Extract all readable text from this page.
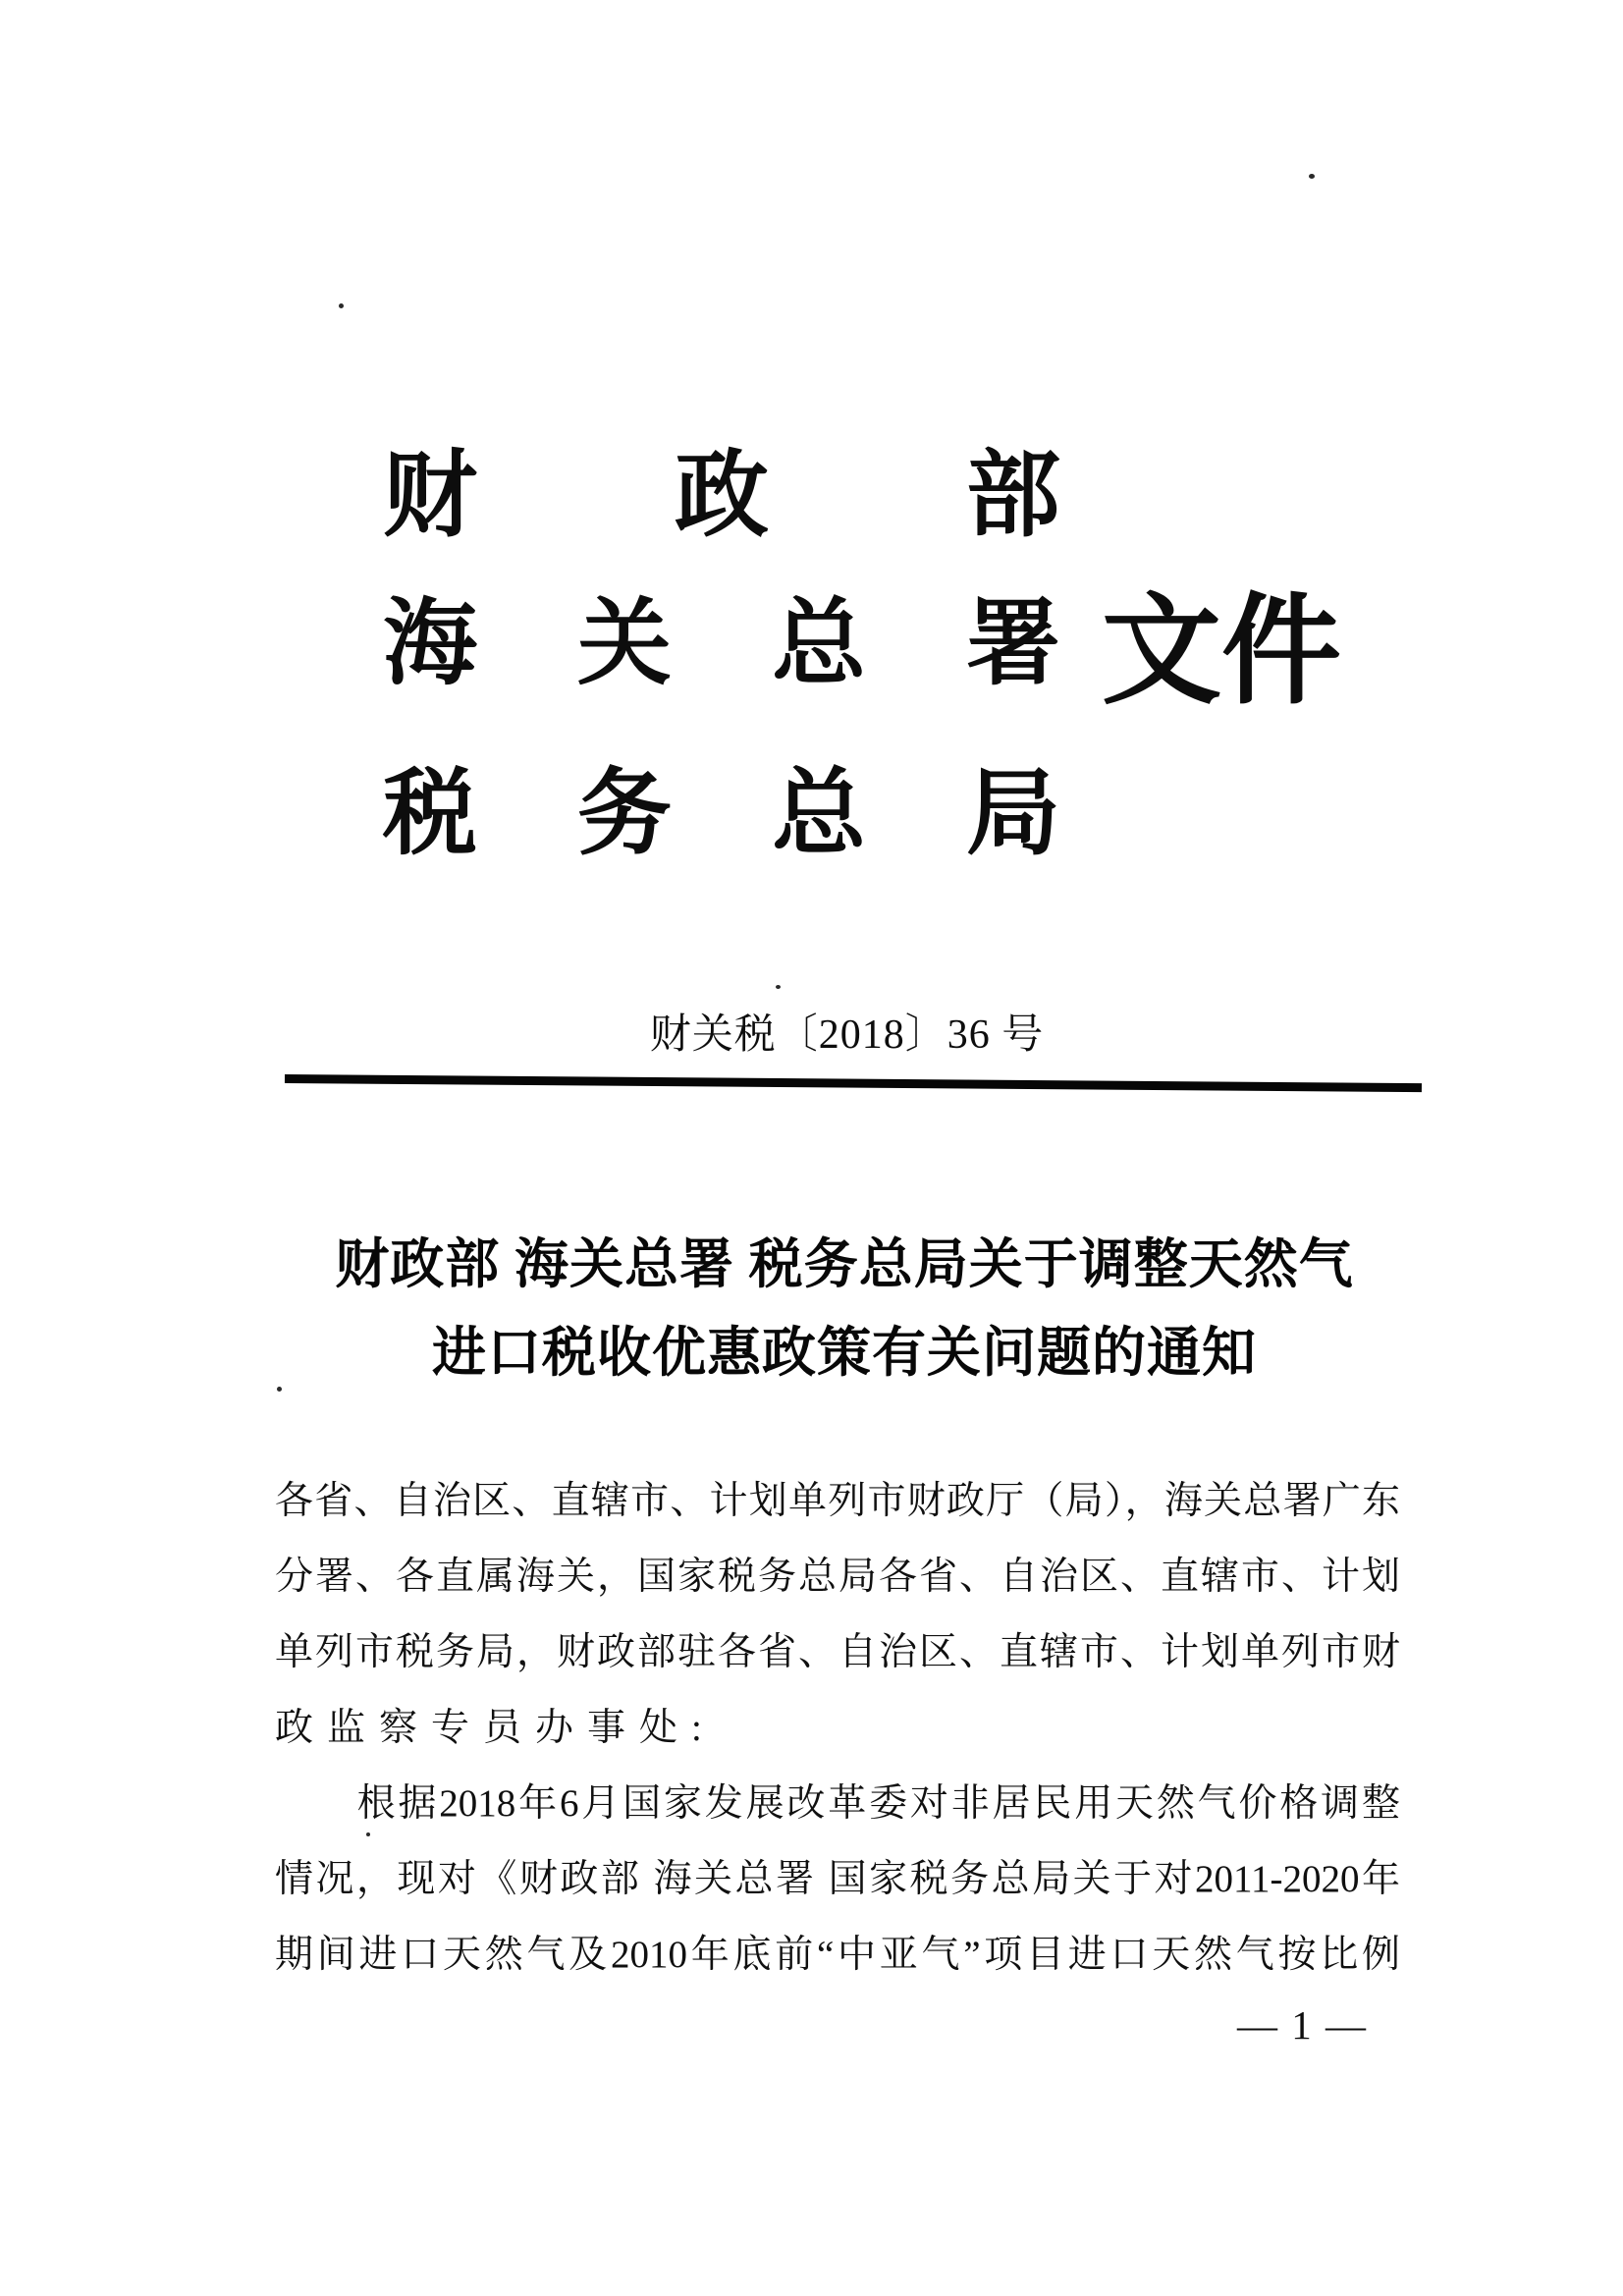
财 政 部
海 关 总 署 文件
税 务 总 局
财关税〔2018〕36 号
财政部 海关总署 税务总局关于调整天然气
进口税收优惠政策有关问题的通知
各省、自治区、直辖市、计划单列市财政厅（局），海关总署广东
分署、各直属海关，国家税务总局各省、自治区、直辖市、计划
单列市税务局，财政部驻各省、自治区、直辖市、计划单列市财
政监察专员办事处:
　　根据2018年6月国家发展改革委对非居民用天然气价格调整
情况，现对《财政部 海关总署 国家税务总局关于对2011-2020年
期间进口天然气及2010年底前“中亚气”项目进口天然气按比例
— 1 —
